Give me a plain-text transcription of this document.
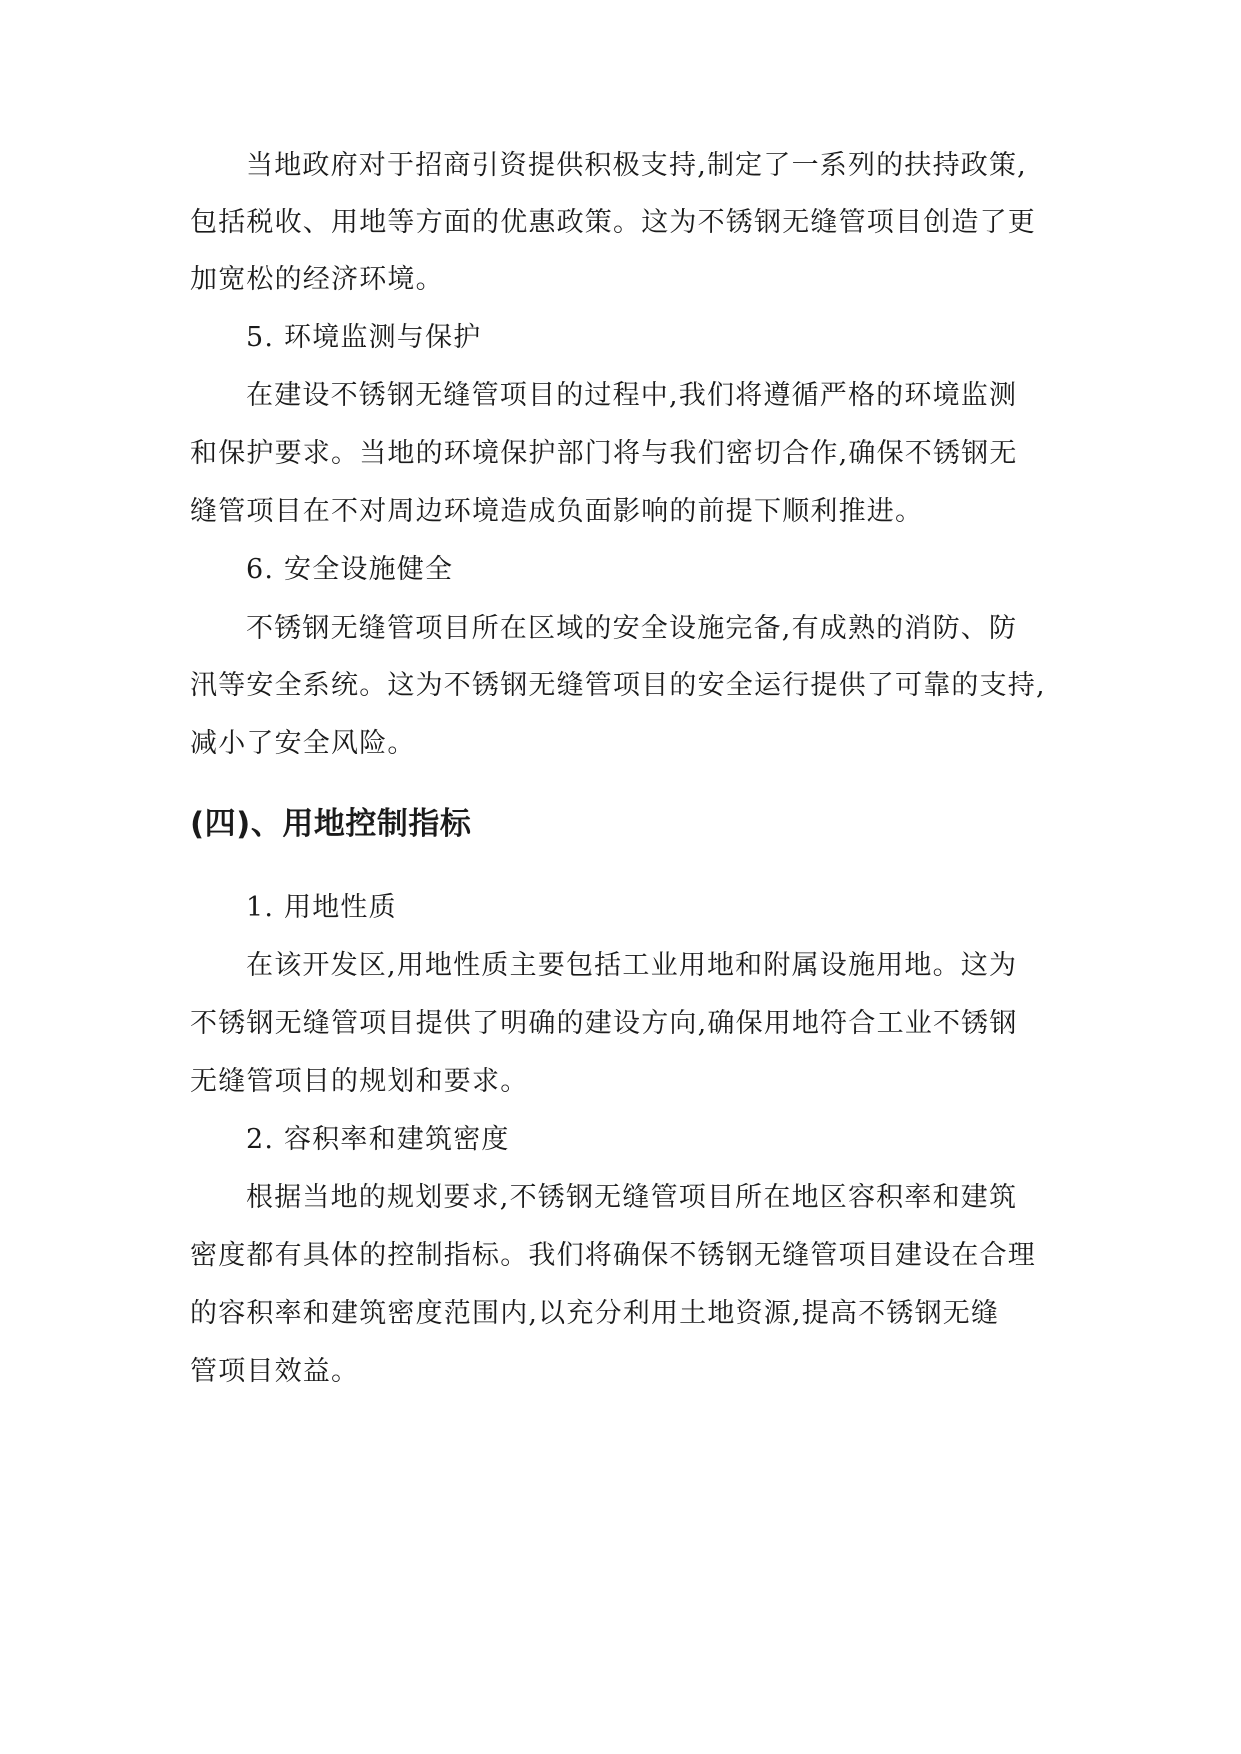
当地政府对于招商引资提供积极支持,制定了一系列的扶持政策,
包括税收、用地等方面的优惠政策。这为不锈钢无缝管项目创造了更
加宽松的经济环境。
5. 环境监测与保护
在建设不锈钢无缝管项目的过程中,我们将遵循严格的环境监测
和保护要求。当地的环境保护部门将与我们密切合作,确保不锈钢无
缝管项目在不对周边环境造成负面影响的前提下顺利推进。
6. 安全设施健全
不锈钢无缝管项目所在区域的安全设施完备,有成熟的消防、防
汛等安全系统。这为不锈钢无缝管项目的安全运行提供了可靠的支持,
减小了安全风险。
(四)、用地控制指标
1. 用地性质
在该开发区,用地性质主要包括工业用地和附属设施用地。这为
不锈钢无缝管项目提供了明确的建设方向,确保用地符合工业不锈钢
无缝管项目的规划和要求。
2. 容积率和建筑密度
根据当地的规划要求,不锈钢无缝管项目所在地区容积率和建筑
密度都有具体的控制指标。我们将确保不锈钢无缝管项目建设在合理
的容积率和建筑密度范围内,以充分利用土地资源,提高不锈钢无缝
管项目效益。
